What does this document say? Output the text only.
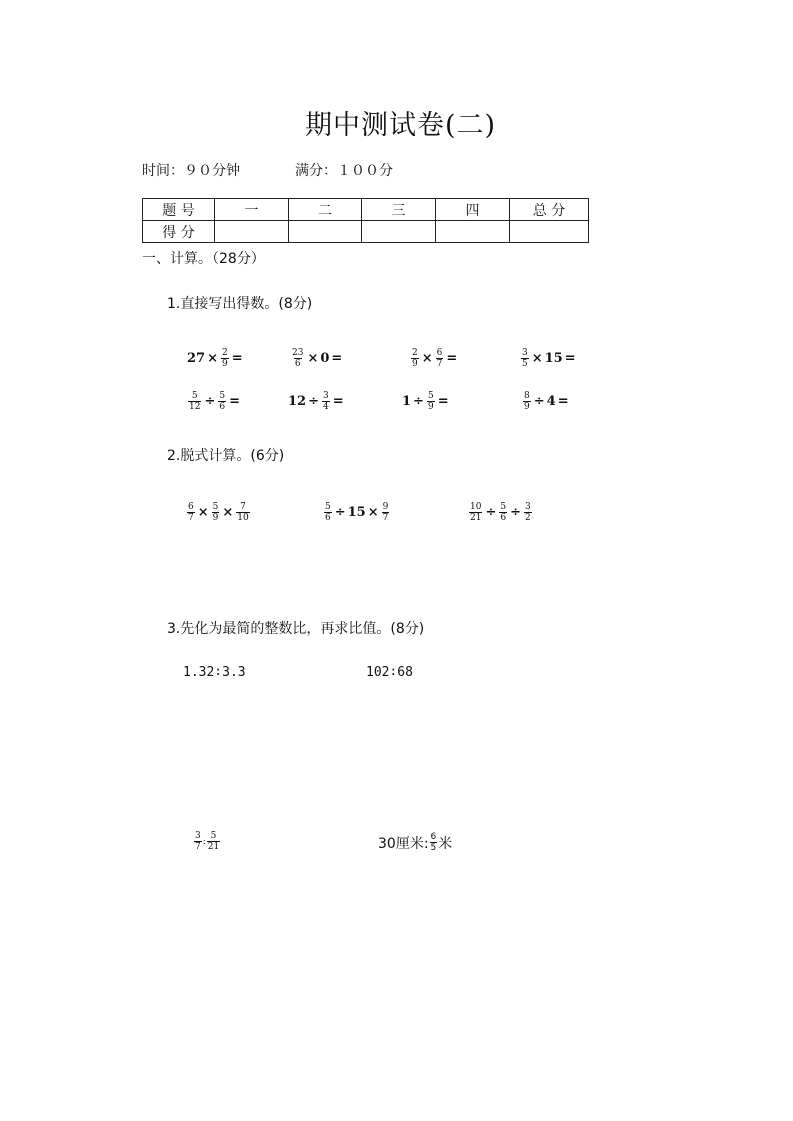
期中测试卷(二)
时间：９０分钟	满分：１００分
题 号	一	二	三	四	总 分
得 分					
一、计算。（28分）
1.直接写出得数。(8分)
$27 \times \frac{2}{9}$ =	$\frac{23}{6} \times 0$ =	$\frac{2}{9} \times \frac{6}{7}$ =	$\frac{3}{5} \times 15$ =
$\frac{5}{12} \div \frac{5}{6}$ =	$12 \div \frac{3}{4}$ =	$1 \div \frac{5}{9}$ =	$\frac{8}{9} \div 4$ =
2.脱式计算。(6分)
$\frac{6}{7} \times \frac{5}{9} \times \frac{7}{10}$	$\frac{5}{6} \div 15 \times \frac{9}{7}$	$\frac{10}{21} \div \frac{5}{6} \div \frac{3}{2}$
3.先化为最简的整数比，再求比值。(8分)
1.32∶3.3	102∶68
$\frac{3}{7}$ : $\frac{5}{21}$	30厘米: $\frac{6}{5}$ 米
